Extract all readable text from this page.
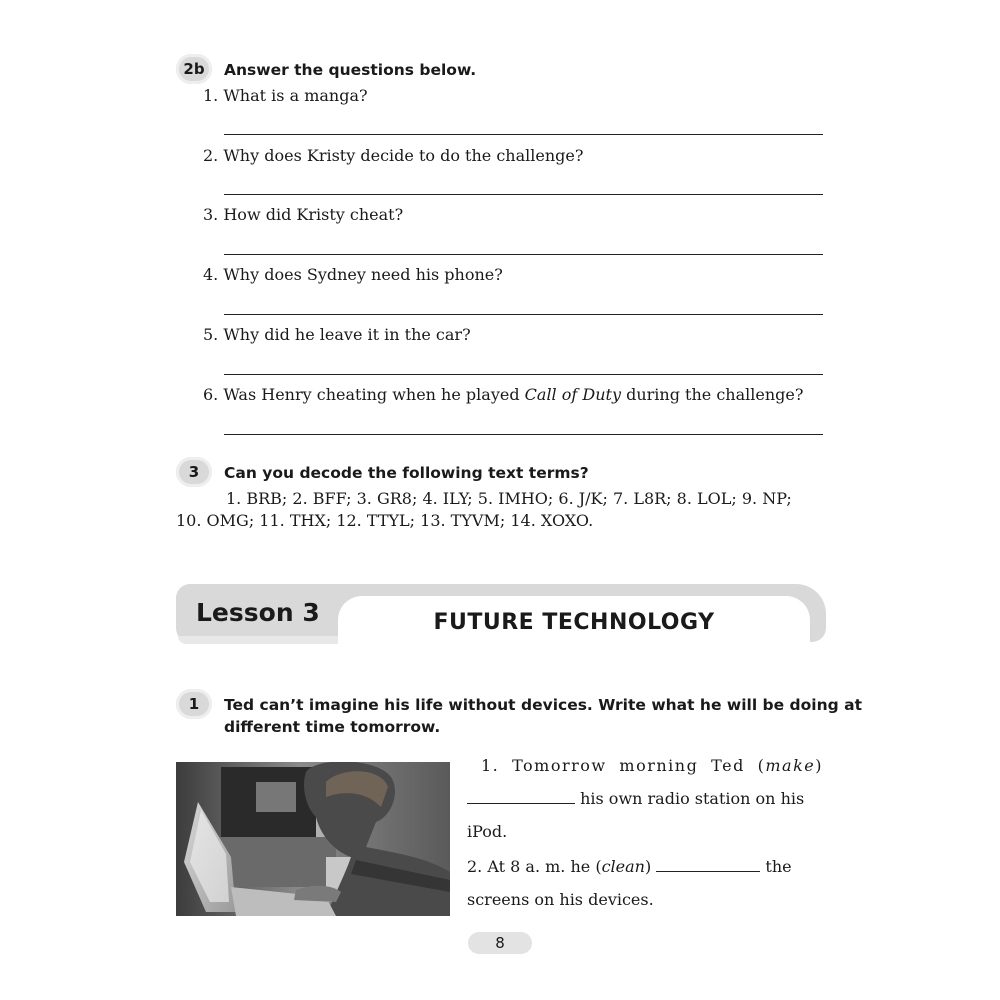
2b	Answer the questions below.
1. What is a manga?
2. Why does Kristy decide to do the challenge?
3. How did Kristy cheat?
4. Why does Sydney need his phone?
5. Why did he leave it in the car?
6. Was Henry cheating when he played Call of Duty during the challenge?
3	Can you decode the following text terms?
1. BRB; 2. BFF; 3. GR8; 4. ILY; 5. IMHO; 6. J/K; 7. L8R; 8. LOL; 9. NP;
10. OMG; 11. THX; 12. TTYL; 13. TYVM; 14. XOXO.
Lesson 3	FUTURE TECHNOLOGY
1	Ted can’t imagine his life without devices. Write what he will be doing at
different time tomorrow.
1. Tomorrow morning Ted (make)
his own radio station on his
iPod.
2. At 8 a. m. he (clean)	the
screens on his devices.
8
